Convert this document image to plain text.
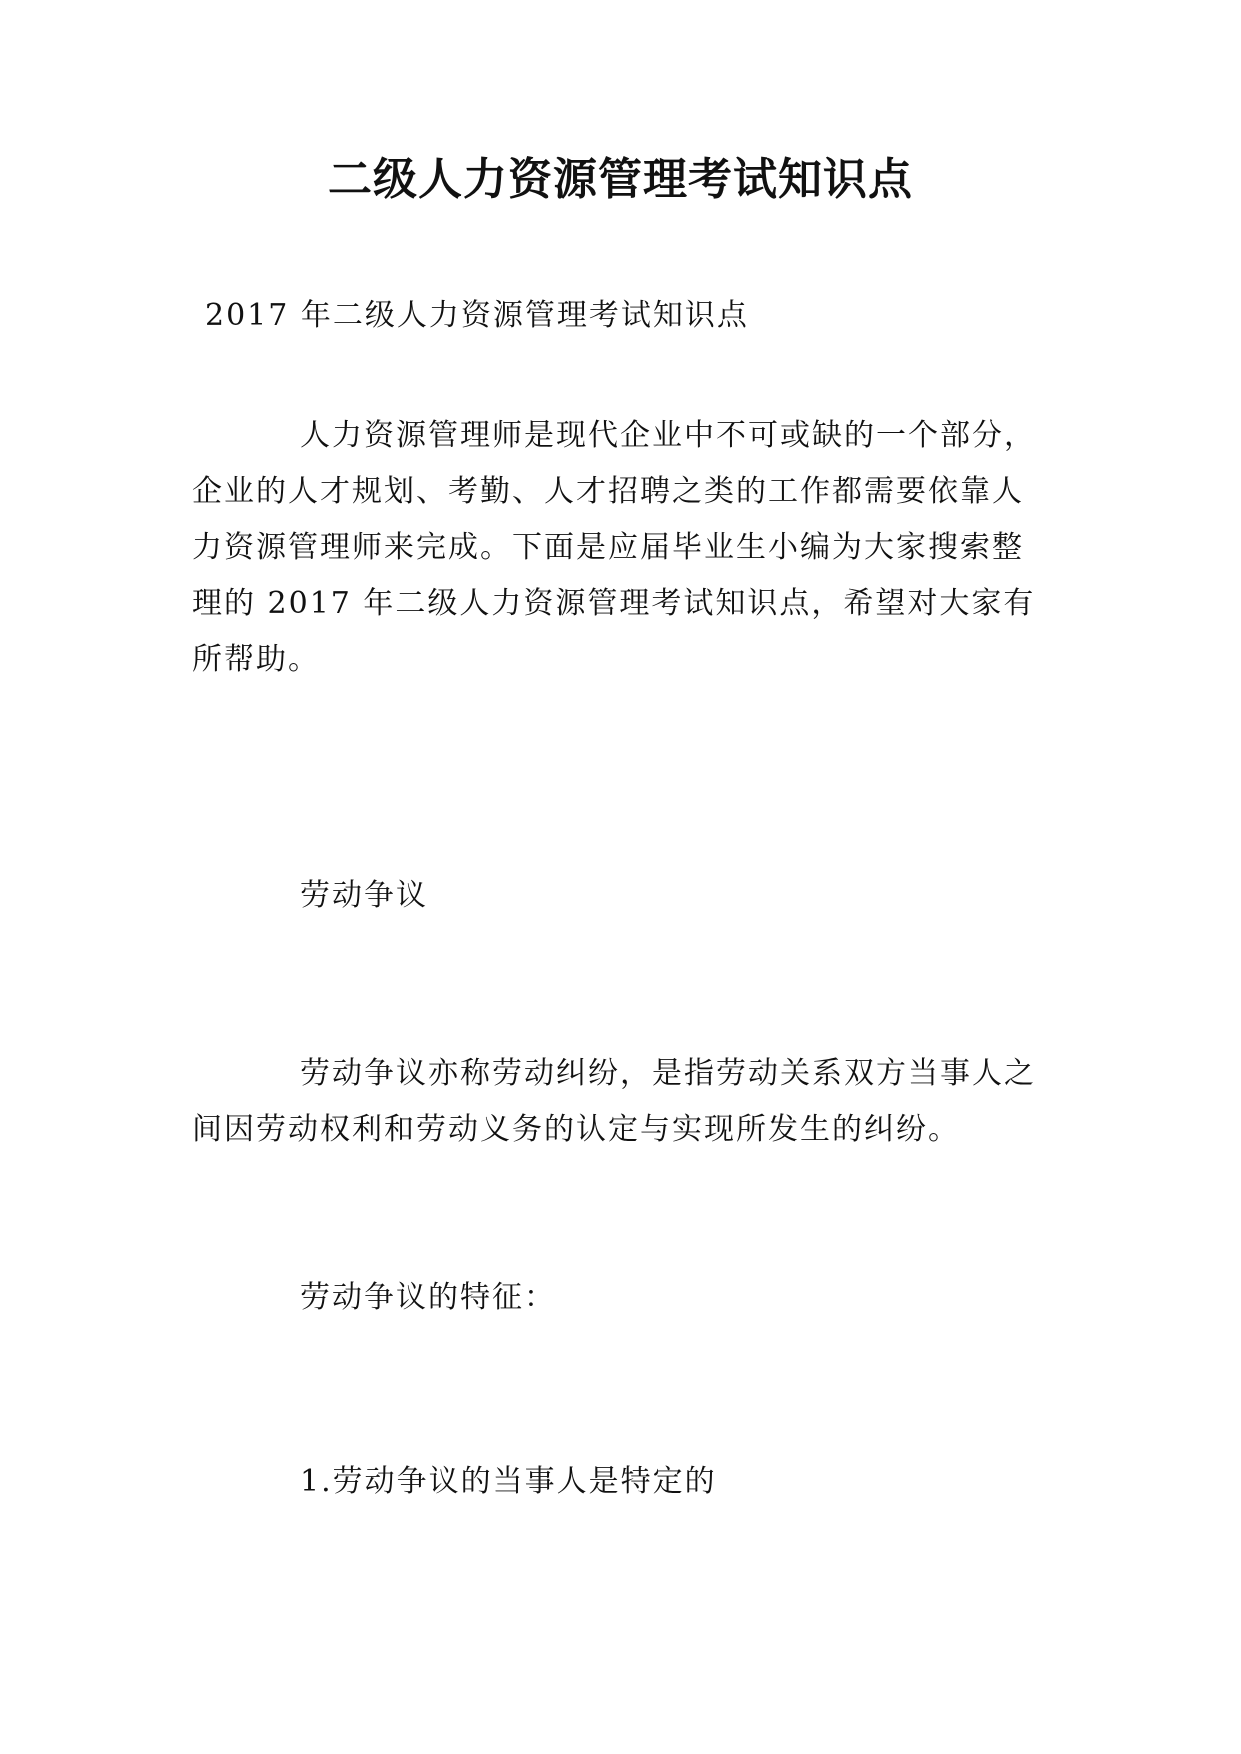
二级人力资源管理考试知识点

2017 年二级人力资源管理考试知识点

人力资源管理师是现代企业中不可或缺的一个部分，
企业的人才规划、考勤、人才招聘之类的工作都需要依靠人
力资源管理师来完成。下面是应届毕业生小编为大家搜索整
理的 2017 年二级人力资源管理考试知识点，希望对大家有
所帮助。

劳动争议

劳动争议亦称劳动纠纷，是指劳动关系双方当事人之
间因劳动权利和劳动义务的认定与实现所发生的纠纷。

劳动争议的特征：

1.劳动争议的当事人是特定的
